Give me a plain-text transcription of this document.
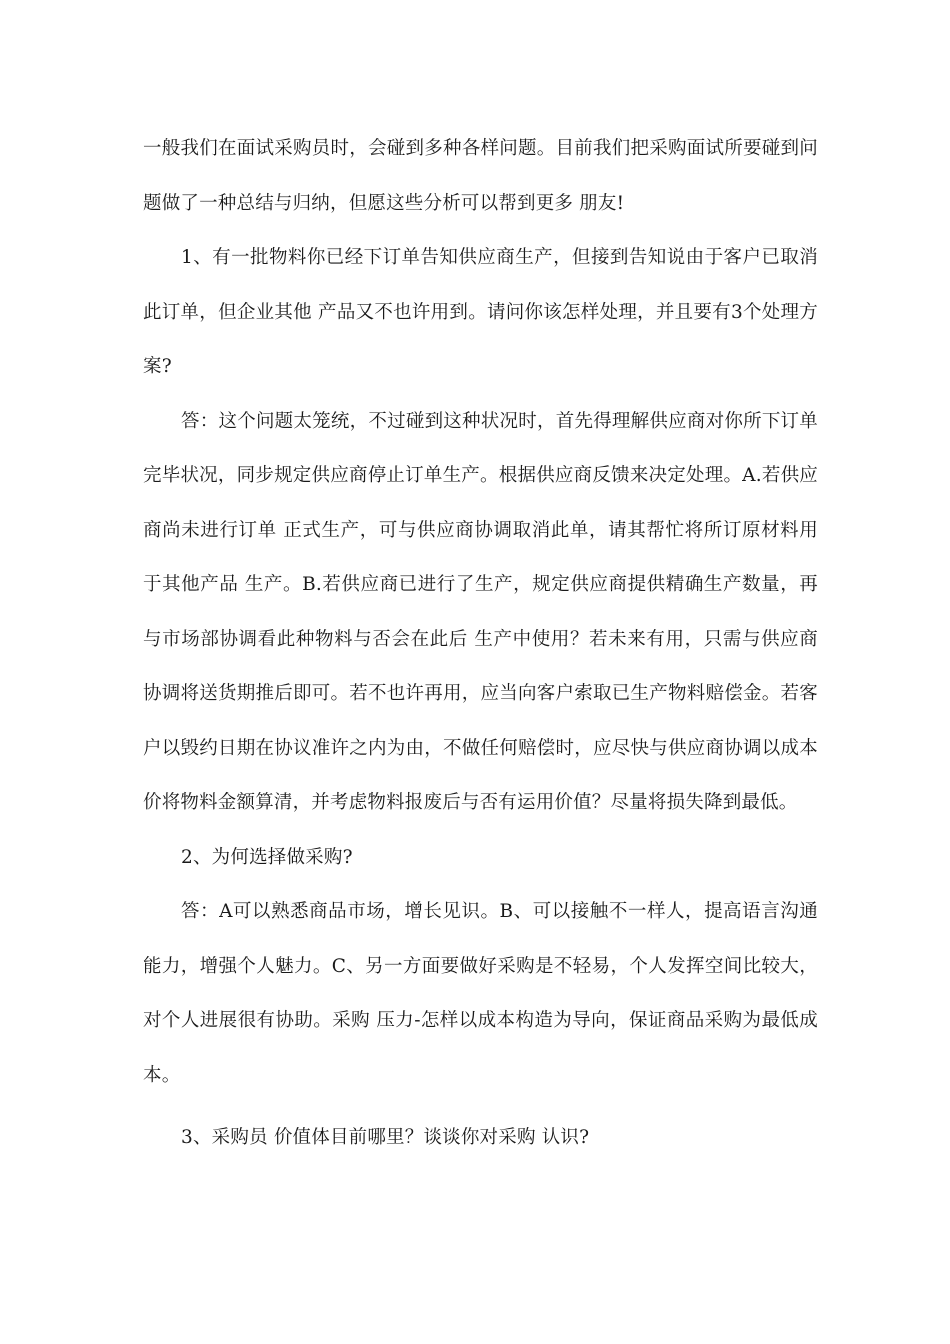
一般我们在面试采购员时，会碰到多种各样问题。目前我们把采购面试所要碰到问题做了一种总结与归纳，但愿这些分析可以帮到更多 朋友!

1、有一批物料你已经下订单告知供应商生产，但接到告知说由于客户已取消此订单，但企业其他 产品又不也许用到。请问你该怎样处理，并且要有3个处理方案?

答：这个问题太笼统，不过碰到这种状况时，首先得理解供应商对你所下订单完毕状况，同步规定供应商停止订单生产。根据供应商反馈来决定处理。A.若供应商尚未进行订单 正式生产，可与供应商协调取消此单，请其帮忙将所订原材料用于其他产品 生产。B.若供应商已进行了生产，规定供应商提供精确生产数量，再与市场部协调看此种物料与否会在此后 生产中使用？若未来有用，只需与供应商协调将送货期推后即可。若不也许再用，应当向客户索取已生产物料赔偿金。若客户以毁约日期在协议准许之内为由，不做任何赔偿时，应尽快与供应商协调以成本价将物料金额算清，并考虑物料报废后与否有运用价值？尽量将损失降到最低。

2、为何选择做采购?

答：A可以熟悉商品市场，增长见识。B、可以接触不一样人，提高语言沟通能力，增强个人魅力。C、另一方面要做好采购是不轻易，个人发挥空间比较大，对个人进展很有协助。采购 压力-怎样以成本构造为导向，保证商品采购为最低成本。

3、采购员 价值体目前哪里？谈谈你对采购 认识?
